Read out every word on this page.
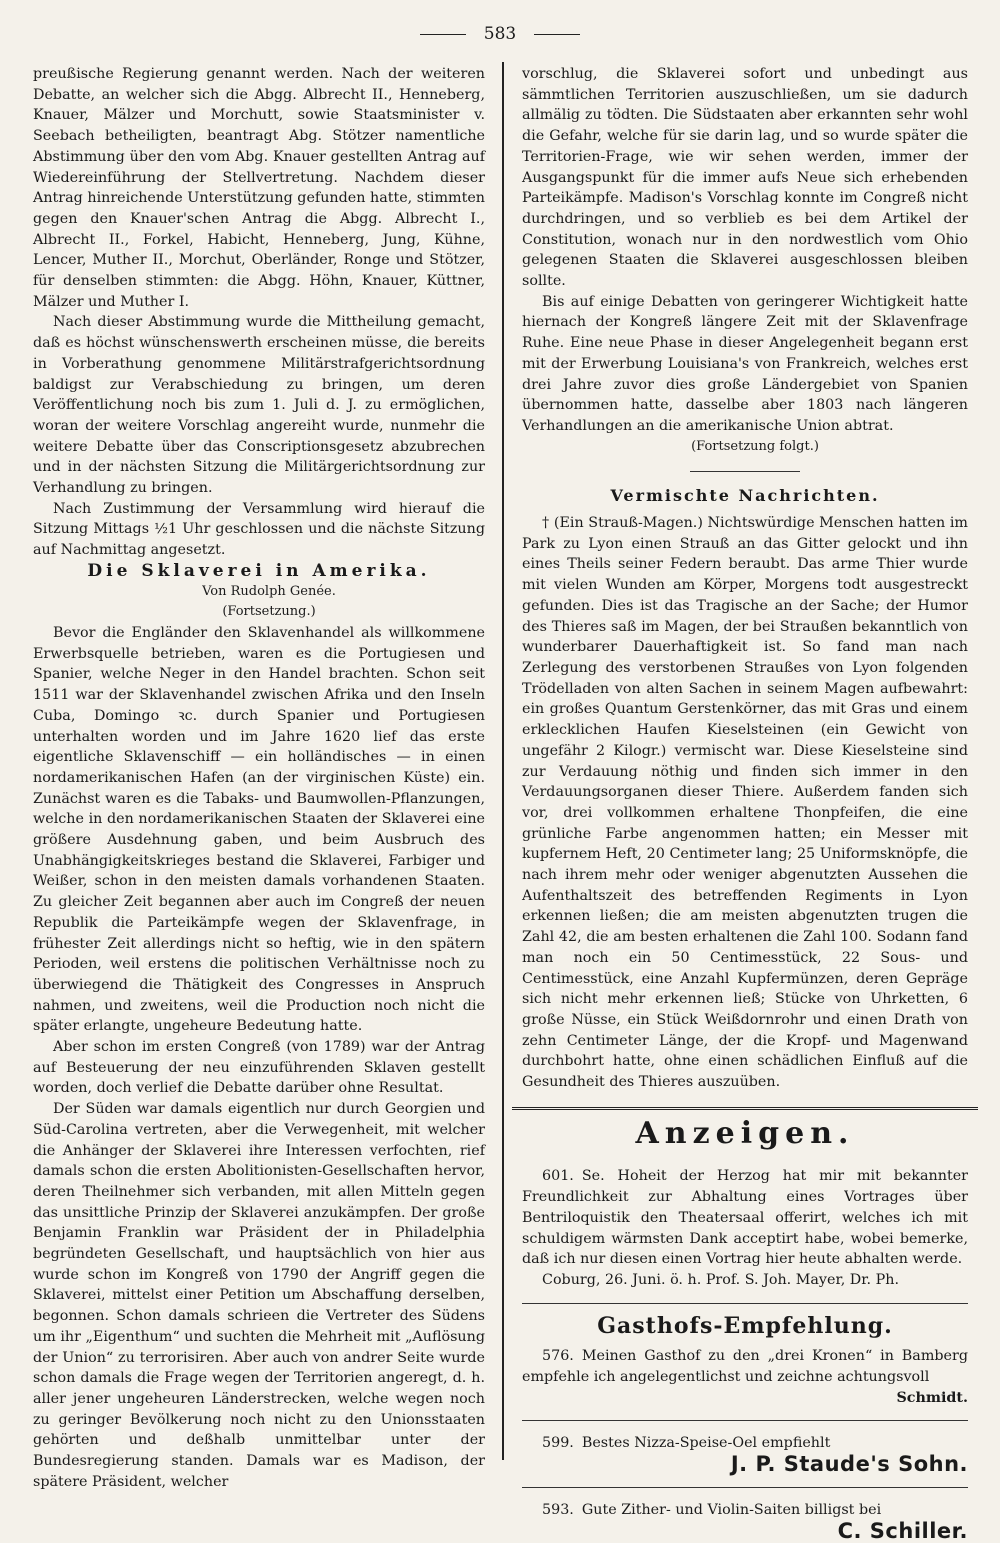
583

preußische Regierung genannt werden. Nach der weiteren Debatte, an welcher sich die Abgg. Albrecht II., Henneberg, Knauer, Mälzer und Morchutt, sowie Staatsminister v. Seebach betheiligten, beantragt Abg. Stötzer namentliche Abstimmung über den vom Abg. Knauer gestellten Antrag auf Wiedereinführung der Stellvertretung. Nachdem dieser Antrag hinreichende Unterstützung gefunden hatte, stimmten gegen den Knauer'schen Antrag die Abgg. Albrecht I., Albrecht II., Forkel, Habicht, Henneberg, Jung, Kühne, Lencer, Muther II., Morchut, Oberländer, Ronge und Stötzer, für denselben stimmten: die Abgg. Höhn, Knauer, Küttner, Mälzer und Muther I.

Nach dieser Abstimmung wurde die Mittheilung gemacht, daß es höchst wünschenswerth erscheinen müsse, die bereits in Vorberathung genommene Militärstrafgerichtsordnung baldigst zur Verabschiedung zu bringen, um deren Veröffentlichung noch bis zum 1. Juli d. J. zu ermöglichen, woran der weitere Vorschlag angereiht wurde, nunmehr die weitere Debatte über das Conscriptionsgesetz abzubrechen und in der nächsten Sitzung die Militärgerichtsordnung zur Verhandlung zu bringen.

Nach Zustimmung der Versammlung wird hierauf die Sitzung Mittags ½1 Uhr geschlossen und die nächste Sitzung auf Nachmittag angesetzt.

Die Sklaverei in Amerika.

Von Rudolph Genée.

(Fortsetzung.)

Bevor die Engländer den Sklavenhandel als willkommene Erwerbsquelle betrieben, waren es die Portugiesen und Spanier, welche Neger in den Handel brachten. Schon seit 1511 war der Sklavenhandel zwischen Afrika und den Inseln Cuba, Domingo ꝛc. durch Spanier und Portugiesen unterhalten worden und im Jahre 1620 lief das erste eigentliche Sklavenschiff — ein holländisches — in einen nordamerikanischen Hafen (an der virginischen Küste) ein. Zunächst waren es die Tabaks- und Baumwollen-Pflanzungen, welche in den nordamerikanischen Staaten der Sklaverei eine größere Ausdehnung gaben, und beim Ausbruch des Unabhängigkeitskrieges bestand die Sklaverei, Farbiger und Weißer, schon in den meisten damals vorhandenen Staaten. Zu gleicher Zeit begannen aber auch im Congreß der neuen Republik die Parteikämpfe wegen der Sklavenfrage, in frühester Zeit allerdings nicht so heftig, wie in den spätern Perioden, weil erstens die politischen Verhältnisse noch zu überwiegend die Thätigkeit des Congresses in Anspruch nahmen, und zweitens, weil die Production noch nicht die später erlangte, ungeheure Bedeutung hatte.

Aber schon im ersten Congreß (von 1789) war der Antrag auf Besteuerung der neu einzuführenden Sklaven gestellt worden, doch verlief die Debatte darüber ohne Resultat.

Der Süden war damals eigentlich nur durch Georgien und Süd-Carolina vertreten, aber die Verwegenheit, mit welcher die Anhänger der Sklaverei ihre Interessen verfochten, rief damals schon die ersten Abolitionisten-Gesellschaften hervor, deren Theilnehmer sich verbanden, mit allen Mitteln gegen das unsittliche Prinzip der Sklaverei anzukämpfen. Der große Benjamin Franklin war Präsident der in Philadelphia begründeten Gesellschaft, und hauptsächlich von hier aus wurde schon im Kongreß von 1790 der Angriff gegen die Sklaverei, mittelst einer Petition um Abschaffung derselben, begonnen. Schon damals schrieen die Vertreter des Südens um ihr „Eigenthum“ und suchten die Mehrheit mit „Auflösung der Union“ zu terrorisiren. Aber auch von andrer Seite wurde schon damals die Frage wegen der Territorien angeregt, d. h. aller jener ungeheuren Länderstrecken, welche wegen noch zu geringer Bevölkerung noch nicht zu den Unionsstaaten gehörten und deßhalb unmittelbar unter der Bundesregierung standen. Damals war es Madison, der spätere Präsident, welcher

vorschlug, die Sklaverei sofort und unbedingt aus sämmtlichen Territorien auszuschließen, um sie dadurch allmälig zu tödten. Die Südstaaten aber erkannten sehr wohl die Gefahr, welche für sie darin lag, und so wurde später die Territorien-Frage, wie wir sehen werden, immer der Ausgangspunkt für die immer aufs Neue sich erhebenden Parteikämpfe. Madison's Vorschlag konnte im Congreß nicht durchdringen, und so verblieb es bei dem Artikel der Constitution, wonach nur in den nordwestlich vom Ohio gelegenen Staaten die Sklaverei ausgeschlossen bleiben sollte.

Bis auf einige Debatten von geringerer Wichtigkeit hatte hiernach der Kongreß längere Zeit mit der Sklavenfrage Ruhe. Eine neue Phase in dieser Angelegenheit begann erst mit der Erwerbung Louisiana's von Frankreich, welches erst drei Jahre zuvor dies große Ländergebiet von Spanien übernommen hatte, dasselbe aber 1803 nach längeren Verhandlungen an die amerikanische Union abtrat.

(Fortsetzung folgt.)

Vermischte Nachrichten.

† (Ein Strauß-Magen.) Nichtswürdige Menschen hatten im Park zu Lyon einen Strauß an das Gitter gelockt und ihn eines Theils seiner Federn beraubt. Das arme Thier wurde mit vielen Wunden am Körper, Morgens todt ausgestreckt gefunden. Dies ist das Tragische an der Sache; der Humor des Thieres saß im Magen, der bei Straußen bekanntlich von wunderbarer Dauerhaftigkeit ist. So fand man nach Zerlegung des verstorbenen Straußes von Lyon folgenden Trödelladen von alten Sachen in seinem Magen aufbewahrt: ein großes Quantum Gerstenkörner, das mit Gras und einem erklecklichen Haufen Kieselsteinen (ein Gewicht von ungefähr 2 Kilogr.) vermischt war. Diese Kieselsteine sind zur Verdauung nöthig und finden sich immer in den Verdauungsorganen dieser Thiere. Außerdem fanden sich vor, drei vollkommen erhaltene Thonpfeifen, die eine grünliche Farbe angenommen hatten; ein Messer mit kupfernem Heft, 20 Centimeter lang; 25 Uniformsknöpfe, die nach ihrem mehr oder weniger abgenutzten Aussehen die Aufenthaltszeit des betreffenden Regiments in Lyon erkennen ließen; die am meisten abgenutzten trugen die Zahl 42, die am besten erhaltenen die Zahl 100. Sodann fand man noch ein 50 Centimesstück, 22 Sous- und Centimesstück, eine Anzahl Kupfermünzen, deren Gepräge sich nicht mehr erkennen ließ; Stücke von Uhrketten, 6 große Nüsse, ein Stück Weißdornrohr und einen Drath von zehn Centimeter Länge, der die Kropf- und Magenwand durchbohrt hatte, ohne einen schädlichen Einfluß auf die Gesundheit des Thieres auszuüben.

Anzeigen.

601. Se. Hoheit der Herzog hat mir mit bekannter Freundlichkeit zur Abhaltung eines Vortrages über Bentriloquistik den Theatersaal offerirt, welches ich mit schuldigem wärmsten Dank acceptirt habe, wobei bemerke, daß ich nur diesen einen Vortrag hier heute abhalten werde.

Coburg, 26. Juni. ö. h. Prof. S. Joh. Mayer, Dr. Ph.

Gasthofs-Empfehlung.

576. Meinen Gasthof zu den „drei Kronen“ in Bamberg empfehle ich angelegentlichst und zeichne achtungsvoll

Schmidt.

599. Bestes Nizza-Speise-Oel empfiehlt

J. P. Staude's Sohn.

593. Gute Zither- und Violin-Saiten billigst bei

C. Schiller.
